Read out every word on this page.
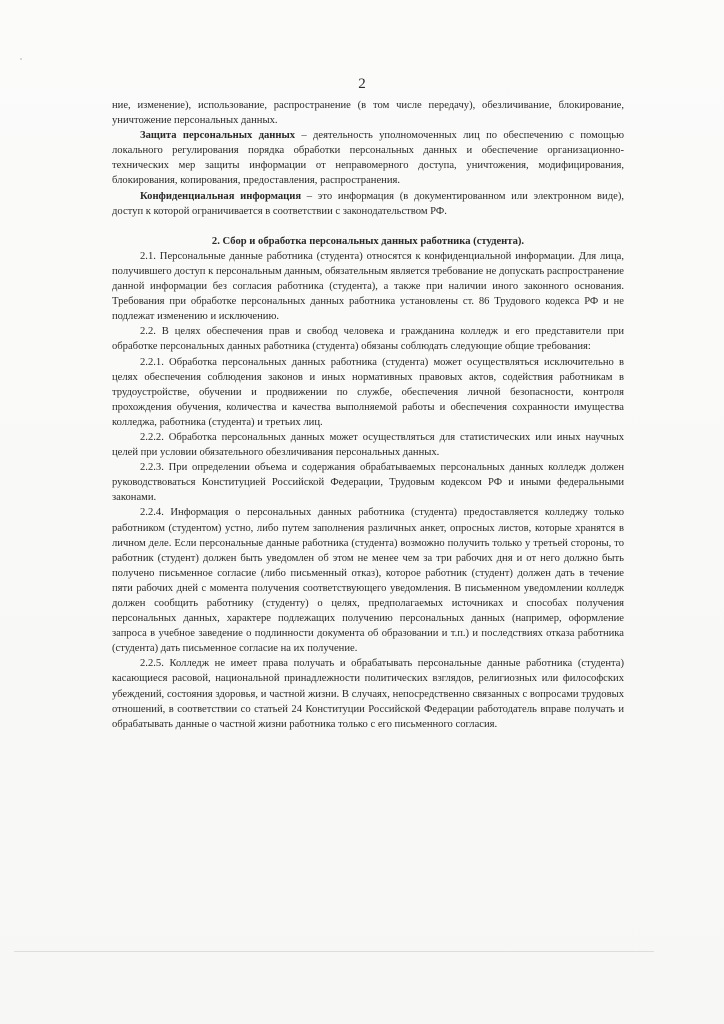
2

ние, изменение), использование, распространение (в том числе передачу), обезличивание, блокирование, уничтожение персональных данных.

Защита персональных данных – деятельность уполномоченных лиц по обеспечению с помощью локального регулирования порядка обработки персональных данных и обеспечение организационно-технических мер защиты информации от неправомерного доступа, уничтожения, модифицирования, блокирования, копирования, предоставления, распространения.

Конфиденциальная информация – это информация (в документированном или электронном виде), доступ к которой ограничивается в соответствии с законодательством РФ.

2. Сбор и обработка персональных данных работника (студента).

2.1. Персональные данные работника (студента) относятся к конфиденциальной информации. Для лица, получившего доступ к персональным данным, обязательным является требование не допускать распространение данной информации без согласия работника (студента), а также при наличии иного законного основания. Требования при обработке персональных данных работника установлены ст. 86 Трудового кодекса РФ и не подлежат изменению и исключению.

2.2. В целях обеспечения прав и свобод человека и гражданина колледж и его представители при обработке персональных данных работника (студента) обязаны соблюдать следующие общие требования:

2.2.1. Обработка персональных данных работника (студента) может осуществляться исключительно в целях обеспечения соблюдения законов и иных нормативных правовых актов, содействия работникам в трудоустройстве, обучении и продвижении по службе, обеспечения личной безопасности, контроля прохождения обучения, количества и качества выполняемой работы и обеспечения сохранности имущества колледжа, работника (студента) и третьих лиц.

2.2.2. Обработка персональных данных может осуществляться для статистических или иных научных целей при условии обязательного обезличивания персональных данных.

2.2.3. При определении объема и содержания обрабатываемых персональных данных колледж должен руководствоваться Конституцией Российской Федерации, Трудовым кодексом РФ и иными федеральными законами.

2.2.4. Информация о персональных данных работника (студента) предоставляется колледжу только работником (студентом) устно, либо путем заполнения различных анкет, опросных листов, которые хранятся в личном деле. Если персональные данные работника (студента) возможно получить только у третьей стороны, то работник (студент) должен быть уведомлен об этом не менее чем за три рабочих дня и от него должно быть получено письменное согласие (либо письменный отказ), которое работник (студент) должен дать в течение пяти рабочих дней с момента получения соответствующего уведомления. В письменном уведомлении колледж должен сообщить работнику (студенту) о целях, предполагаемых источниках и способах получения персональных данных, характере подлежащих получению персональных данных (например, оформление запроса в учебное заведение о подлинности документа об образовании и т.п.) и последствиях отказа работника (студента) дать письменное согласие на их получение.

2.2.5. Колледж не имеет права получать и обрабатывать персональные данные работника (студента) касающиеся расовой, национальной принадлежности политических взглядов, религиозных или философских убеждений, состояния здоровья, и частной жизни. В случаях, непосредственно связанных с вопросами трудовых отношений, в соответствии со статьей 24 Конституции Российской Федерации работодатель вправе получать и обрабатывать данные о частной жизни работника только с его письменного согласия.
